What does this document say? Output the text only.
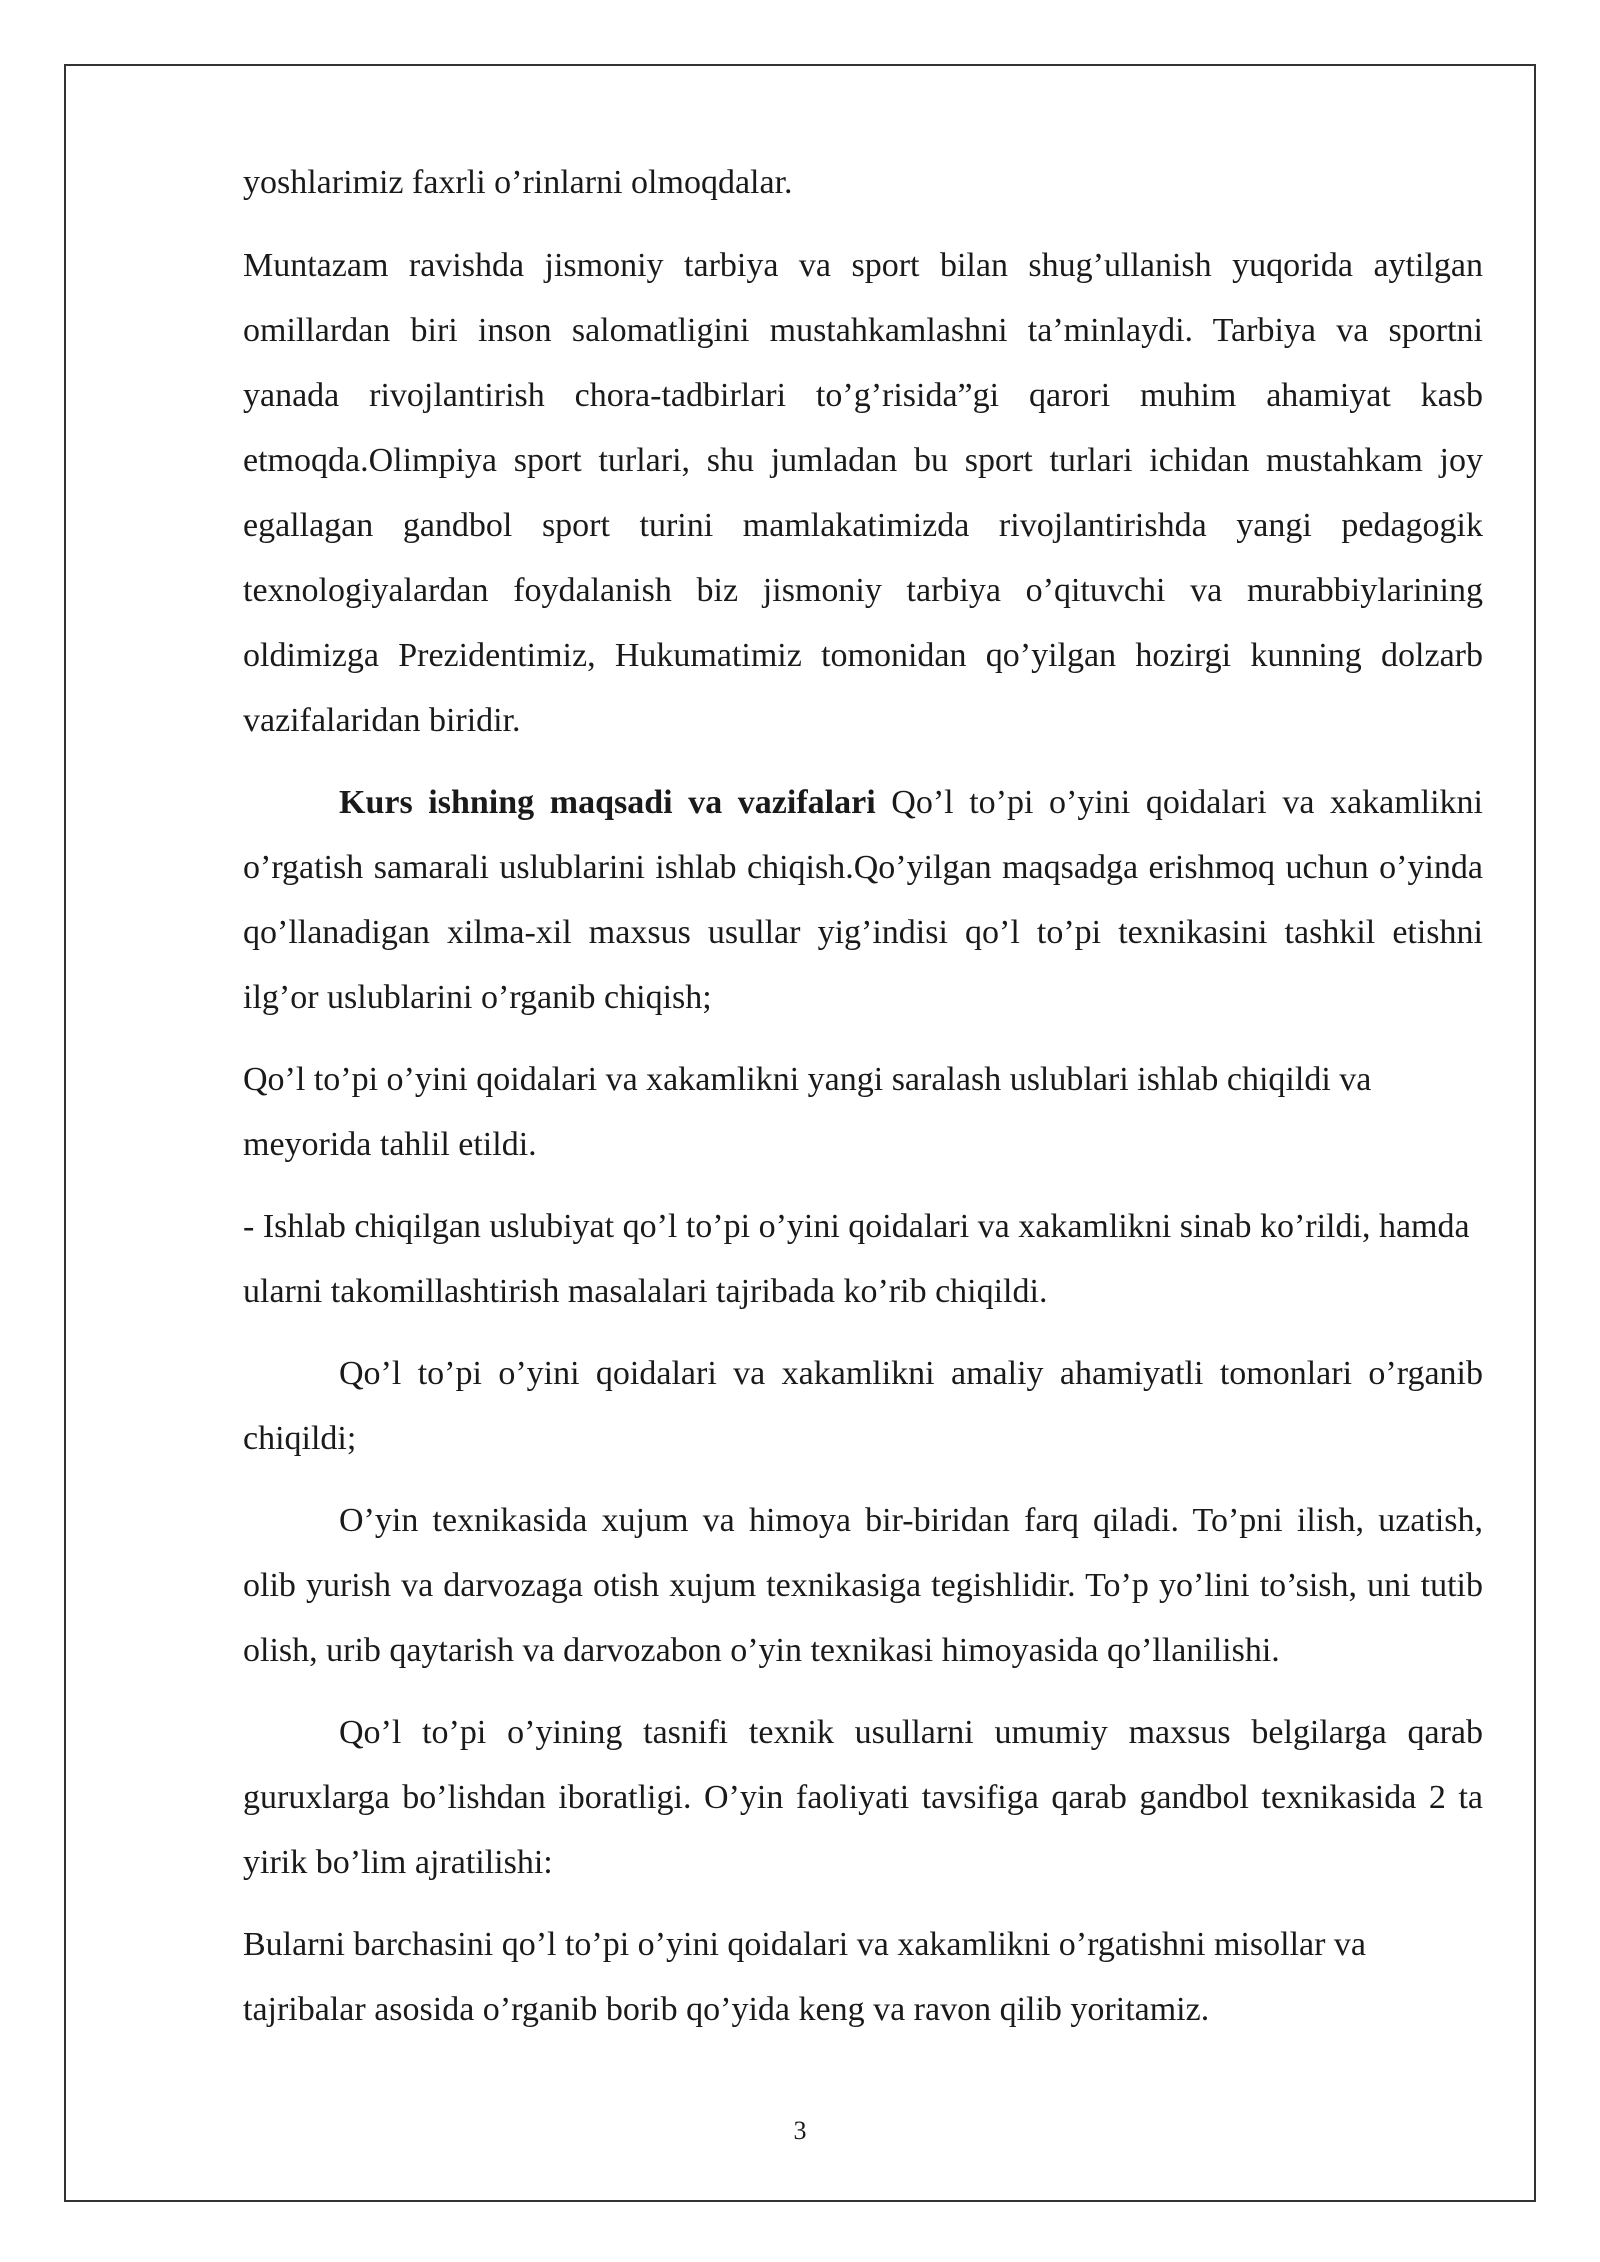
yoshlarimiz faxrli o’rinlarni olmoqdalar.

Muntazam ravishda jismoniy tarbiya va sport bilan shug’ullanish yuqorida aytilgan omillardan biri inson salomatligini mustahkamlashni ta’minlaydi. Tarbiya va sportni yanada rivojlantirish chora-tadbirlari to’g’risida”gi qarori muhim ahamiyat kasb etmoqda.Olimpiya sport turlari, shu jumladan bu sport turlari ichidan mustahkam joy egallagan gandbol sport turini mamlakatimizda rivojlantirishda yangi pedagogik texnologiyalardan foydalanish biz jismoniy tarbiya o’qituvchi va murabbiylarining oldimizga Prezidentimiz, Hukumatimiz tomonidan qo’yilgan hozirgi kunning dolzarb vazifalaridan biridir.

Kurs ishning maqsadi va vazifalari Qo’l to’pi o’yini qoidalari va xakamlikni o’rgatish samarali uslublarini ishlab chiqish.Qo’yilgan maqsadga erishmoq uchun o’yinda qo’llanadigan xilma-xil maxsus usullar yig’indisi qo’l to’pi texnikasini tashkil etishni ilg’or uslublarini o’rganib chiqish;

Qo’l to’pi o’yini qoidalari va xakamlikni yangi saralash uslublari ishlab chiqildi va meyorida tahlil etildi.

- Ishlab chiqilgan uslubiyat qo’l to’pi o’yini qoidalari va xakamlikni sinab ko’rildi, hamda ularni takomillashtirish masalalari tajribada ko’rib chiqildi.

Qo’l to’pi o’yini qoidalari va xakamlikni amaliy ahamiyatli tomonlari o’rganib chiqildi;

O’yin texnikasida xujum va himoya bir-biridan farq qiladi. To’pni ilish, uzatish, olib yurish va darvozaga otish xujum texnikasiga tegishlidir. To’p yo’lini to’sish, uni tutib olish, urib qaytarish va darvozabon o’yin texnikasi himoyasida qo’llanilishi.

Qo’l to’pi o’yining tasnifi texnik usullarni umumiy maxsus belgilarga qarab guruxlarga bo’lishdan iboratligi. O’yin faoliyati tavsifiga qarab gandbol texnikasida 2 ta yirik bo’lim ajratilishi:

Bularni barchasini qo’l to’pi o’yini qoidalari va xakamlikni o’rgatishni misollar va tajribalar asosida o’rganib borib qo’yida keng va ravon qilib yoritamiz.

3
